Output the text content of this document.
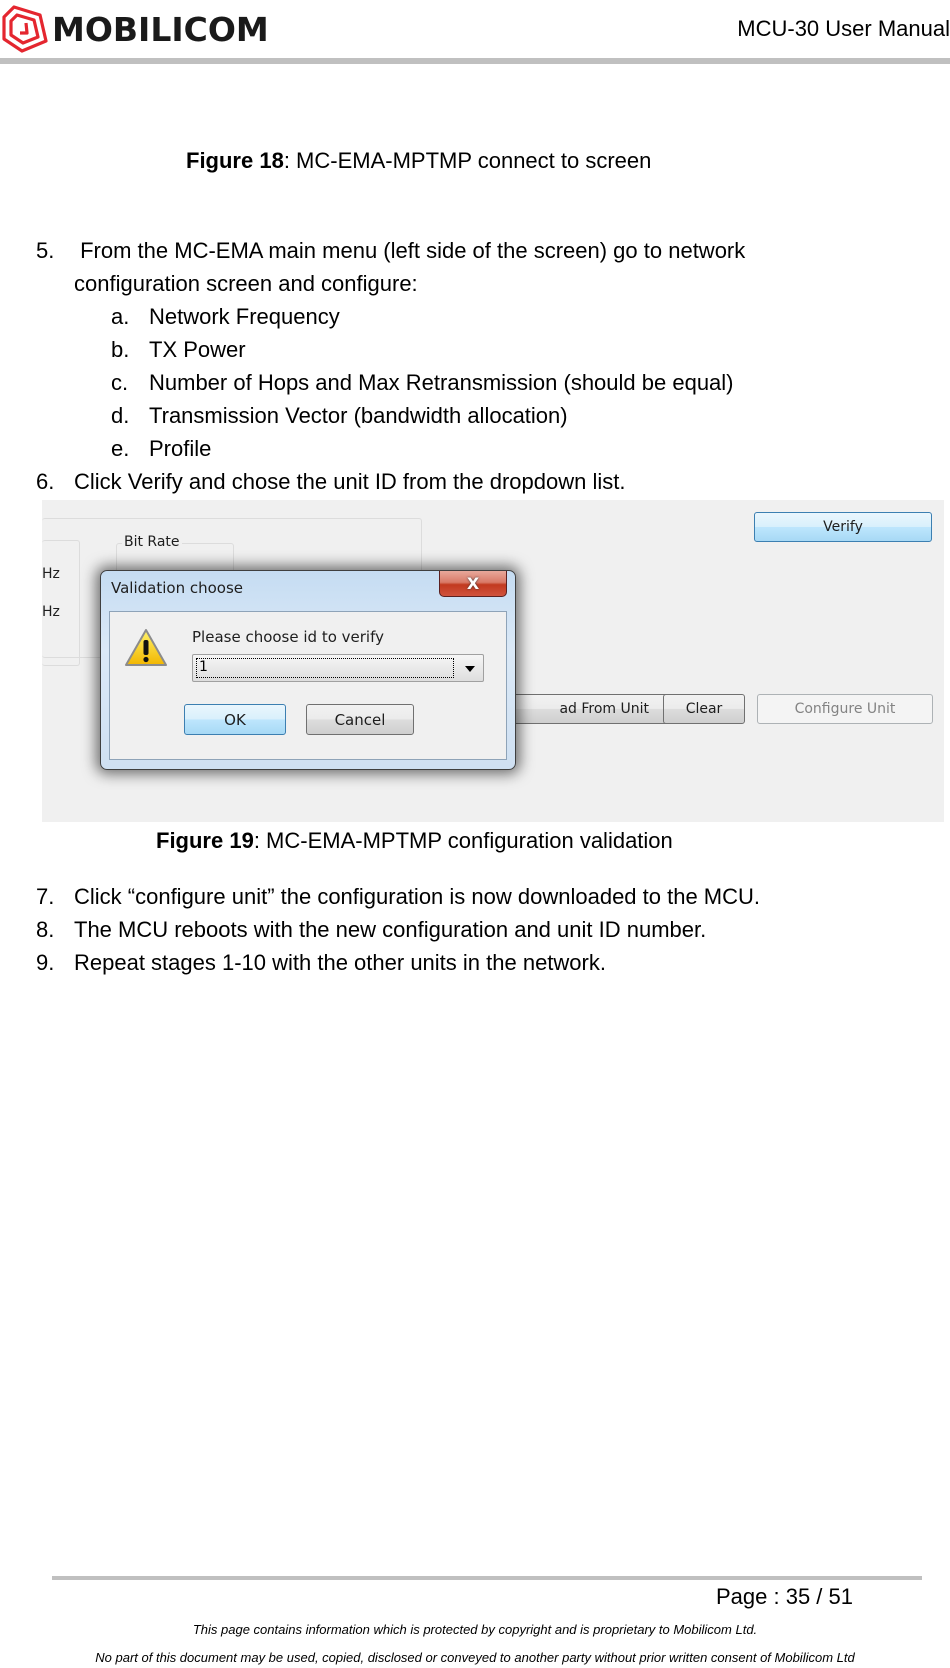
MOBILICOM	MCU-30 User Manual
Figure 18: MC-EMA-MPTMP connect to screen
5. From the MC-EMA main menu (left side of the screen) go to network
configuration screen and configure:
a. Network Frequency
b. TX Power
c. Number of Hops and Max Retransmission (should be equal)
d. Transmission Vector (bandwidth allocation)
e. Profile
6. Click Verify and chose the unit ID from the dropdown list.
Hz
Hz
Bit Rate
Verify
ad From Unit	Clear	Configure Unit
Validation choose	X
Please choose id to verify
1
OK	Cancel
Figure 19: MC-EMA-MPTMP configuration validation
7. Click “configure unit” the configuration is now downloaded to the MCU.
8. The MCU reboots with the new configuration and unit ID number.
9. Repeat stages 1-10 with the other units in the network.
Page : 35 / 51
This page contains information which is protected by copyright and is proprietary to Mobilicom Ltd.
No part of this document may be used, copied, disclosed or conveyed to another party without prior written consent of Mobilicom Ltd
